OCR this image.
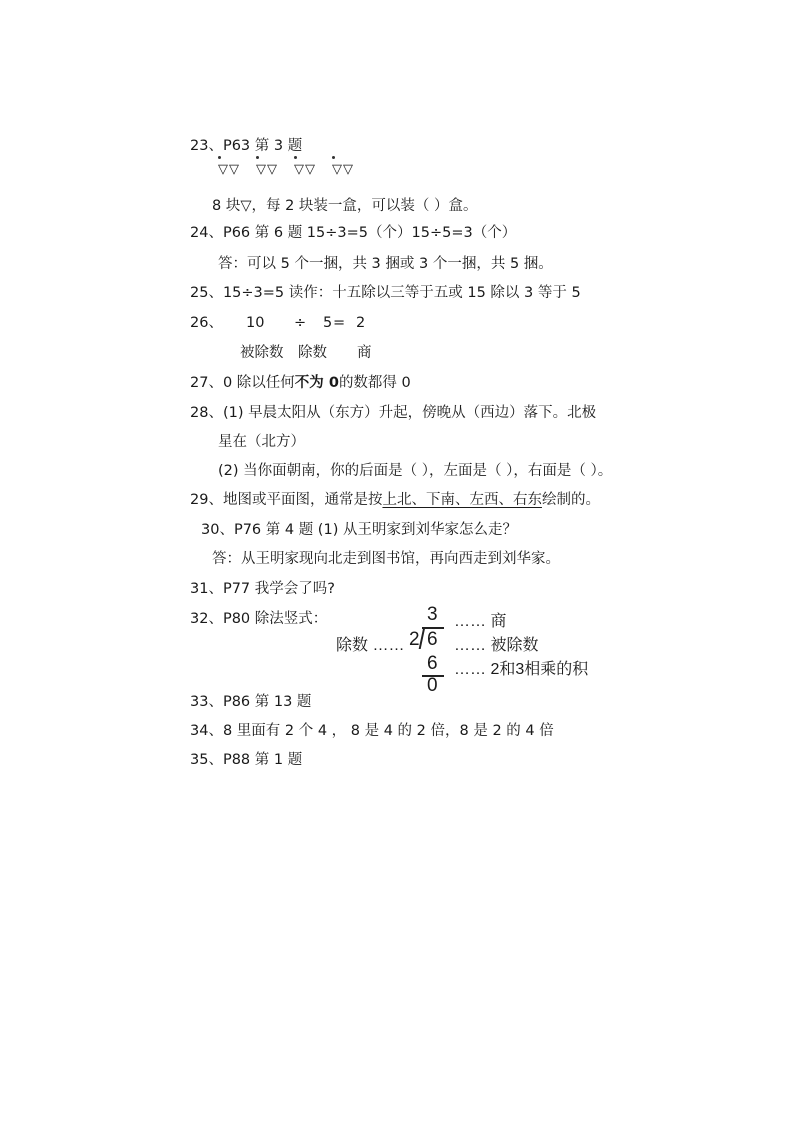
23、P63 第 3 题
▽▽ ▽▽ ▽▽ ▽▽
8 块▽，每 2 块装一盒，可以装（ ）盒。
24、P66 第 6 题 15÷3=5（个）15÷5=3（个）
答：可以 5 个一捆，共 3 捆或 3 个一捆，共 5 捆。
25、15÷3=5 读作：十五除以三等于五或 15 除以 3 等于 5
26、 10 ÷ 5 = 2
被除数 除数 商
27、0 除以任何不为 0的数都得 0
28、(1) 早晨太阳从（东方）升起，傍晚从（西边）落下。北极
星在（北方）
(2) 当你面朝南，你的后面是（ ），左面是（ ），右面是（ ）。
29、地图或平面图，通常是按上北、下南、左西、右东绘制的。
30、P76 第 4 题 (1) 从王明家到刘华家怎么走？
答：从王明家现向北走到图书馆，再向西走到刘华家。
31、P77 我学会了吗?
32、P80 除法竖式：	3 …… 商
除数 …… 2 6 …… 被除数
6 …… 2和3相乘的积
0
33、P86 第 13 题
34、8 里面有 2 个 4 ， 8 是 4 的 2 倍，8 是 2 的 4 倍
35、P88 第 1 题
